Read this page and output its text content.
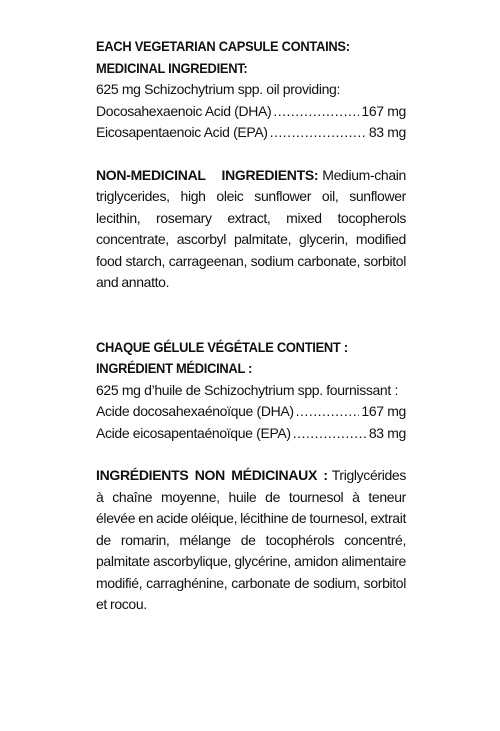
EACH VEGETARIAN CAPSULE CONTAINS:
MEDICINAL INGREDIENT:
625 mg Schizochytrium spp. oil providing:
Docosahexaenoic Acid (DHA) .....	167 mg
Eicosapentaenoic Acid (EPA) .....	83 mg

NON-MEDICINAL INGREDIENTS: Medium-chain triglycerides, high oleic sunflower oil, sunflower lecithin, rosemary extract, mixed tocopherols concentrate, ascorbyl palmitate, glycerin, modified food starch, carrageenan, sodium carbonate, sorbitol and annatto.

CHAQUE GÉLULE VÉGÉTALE CONTIENT :
INGRÉDIENT MÉDICINAL :
625 mg d’huile de Schizochytrium spp. fournissant :
Acide docosahexaénoïque (DHA) .....	167 mg
Acide eicosapentaénoïque (EPA) .....	83 mg

INGRÉDIENTS NON MÉDICINAUX : Triglycérides à chaîne moyenne, huile de tournesol à teneur élevée en acide oléique, lécithine de tournesol, extrait de romarin, mélange de tocophérols concentré, palmitate ascorbylique, glycérine, amidon alimentaire modifié, carraghénine, carbonate de sodium, sorbitol et rocou.
